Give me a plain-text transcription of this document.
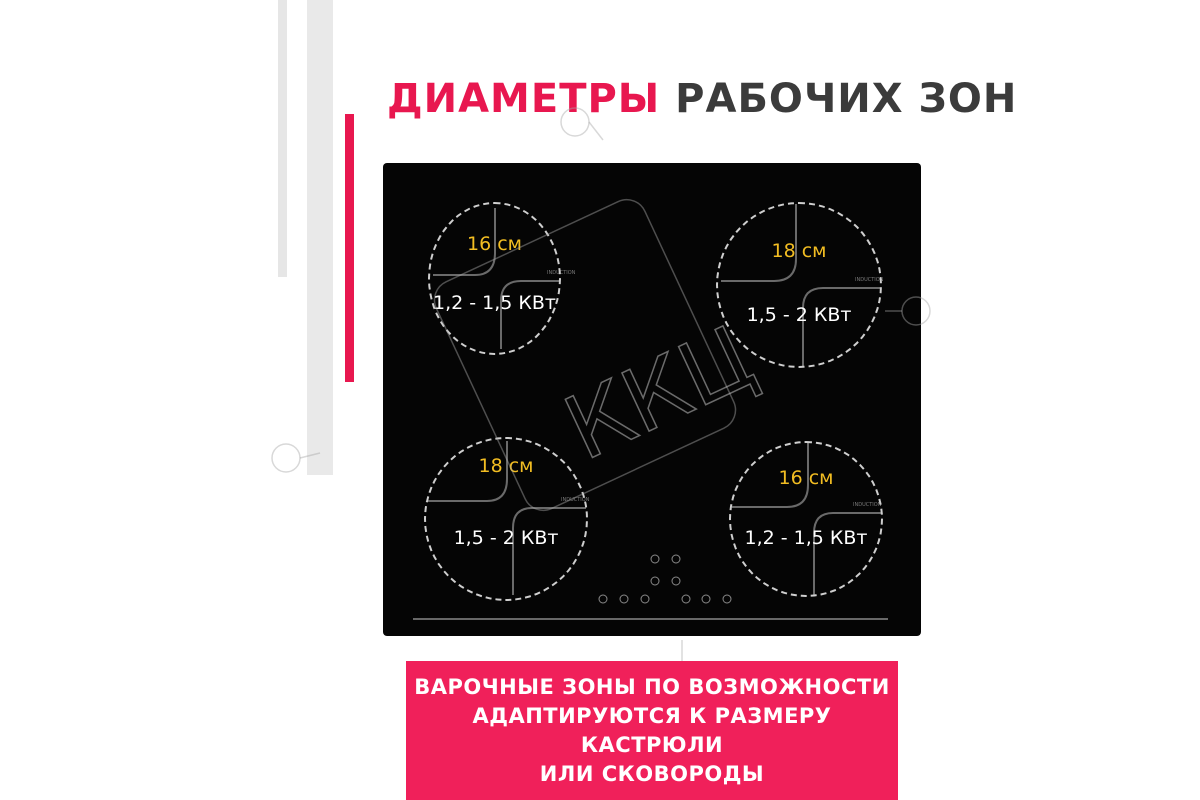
ДИАМЕТРЫ РАБОЧИХ ЗОН
INDUCTION
INDUCTION
INDUCTION
INDUCTION
16 см
1,2 - 1,5 КВт
18 см
1,5 - 2 КВт
18 см
1,5 - 2 КВт
16 см
1,2 - 1,5 КВт
ККЦ

ВАРОЧНЫЕ ЗОНЫ ПО ВОЗМОЖНОСТИ
АДАПТИРУЮТСЯ К РАЗМЕРУ КАСТРЮЛИ
ИЛИ СКОВОРОДЫ
